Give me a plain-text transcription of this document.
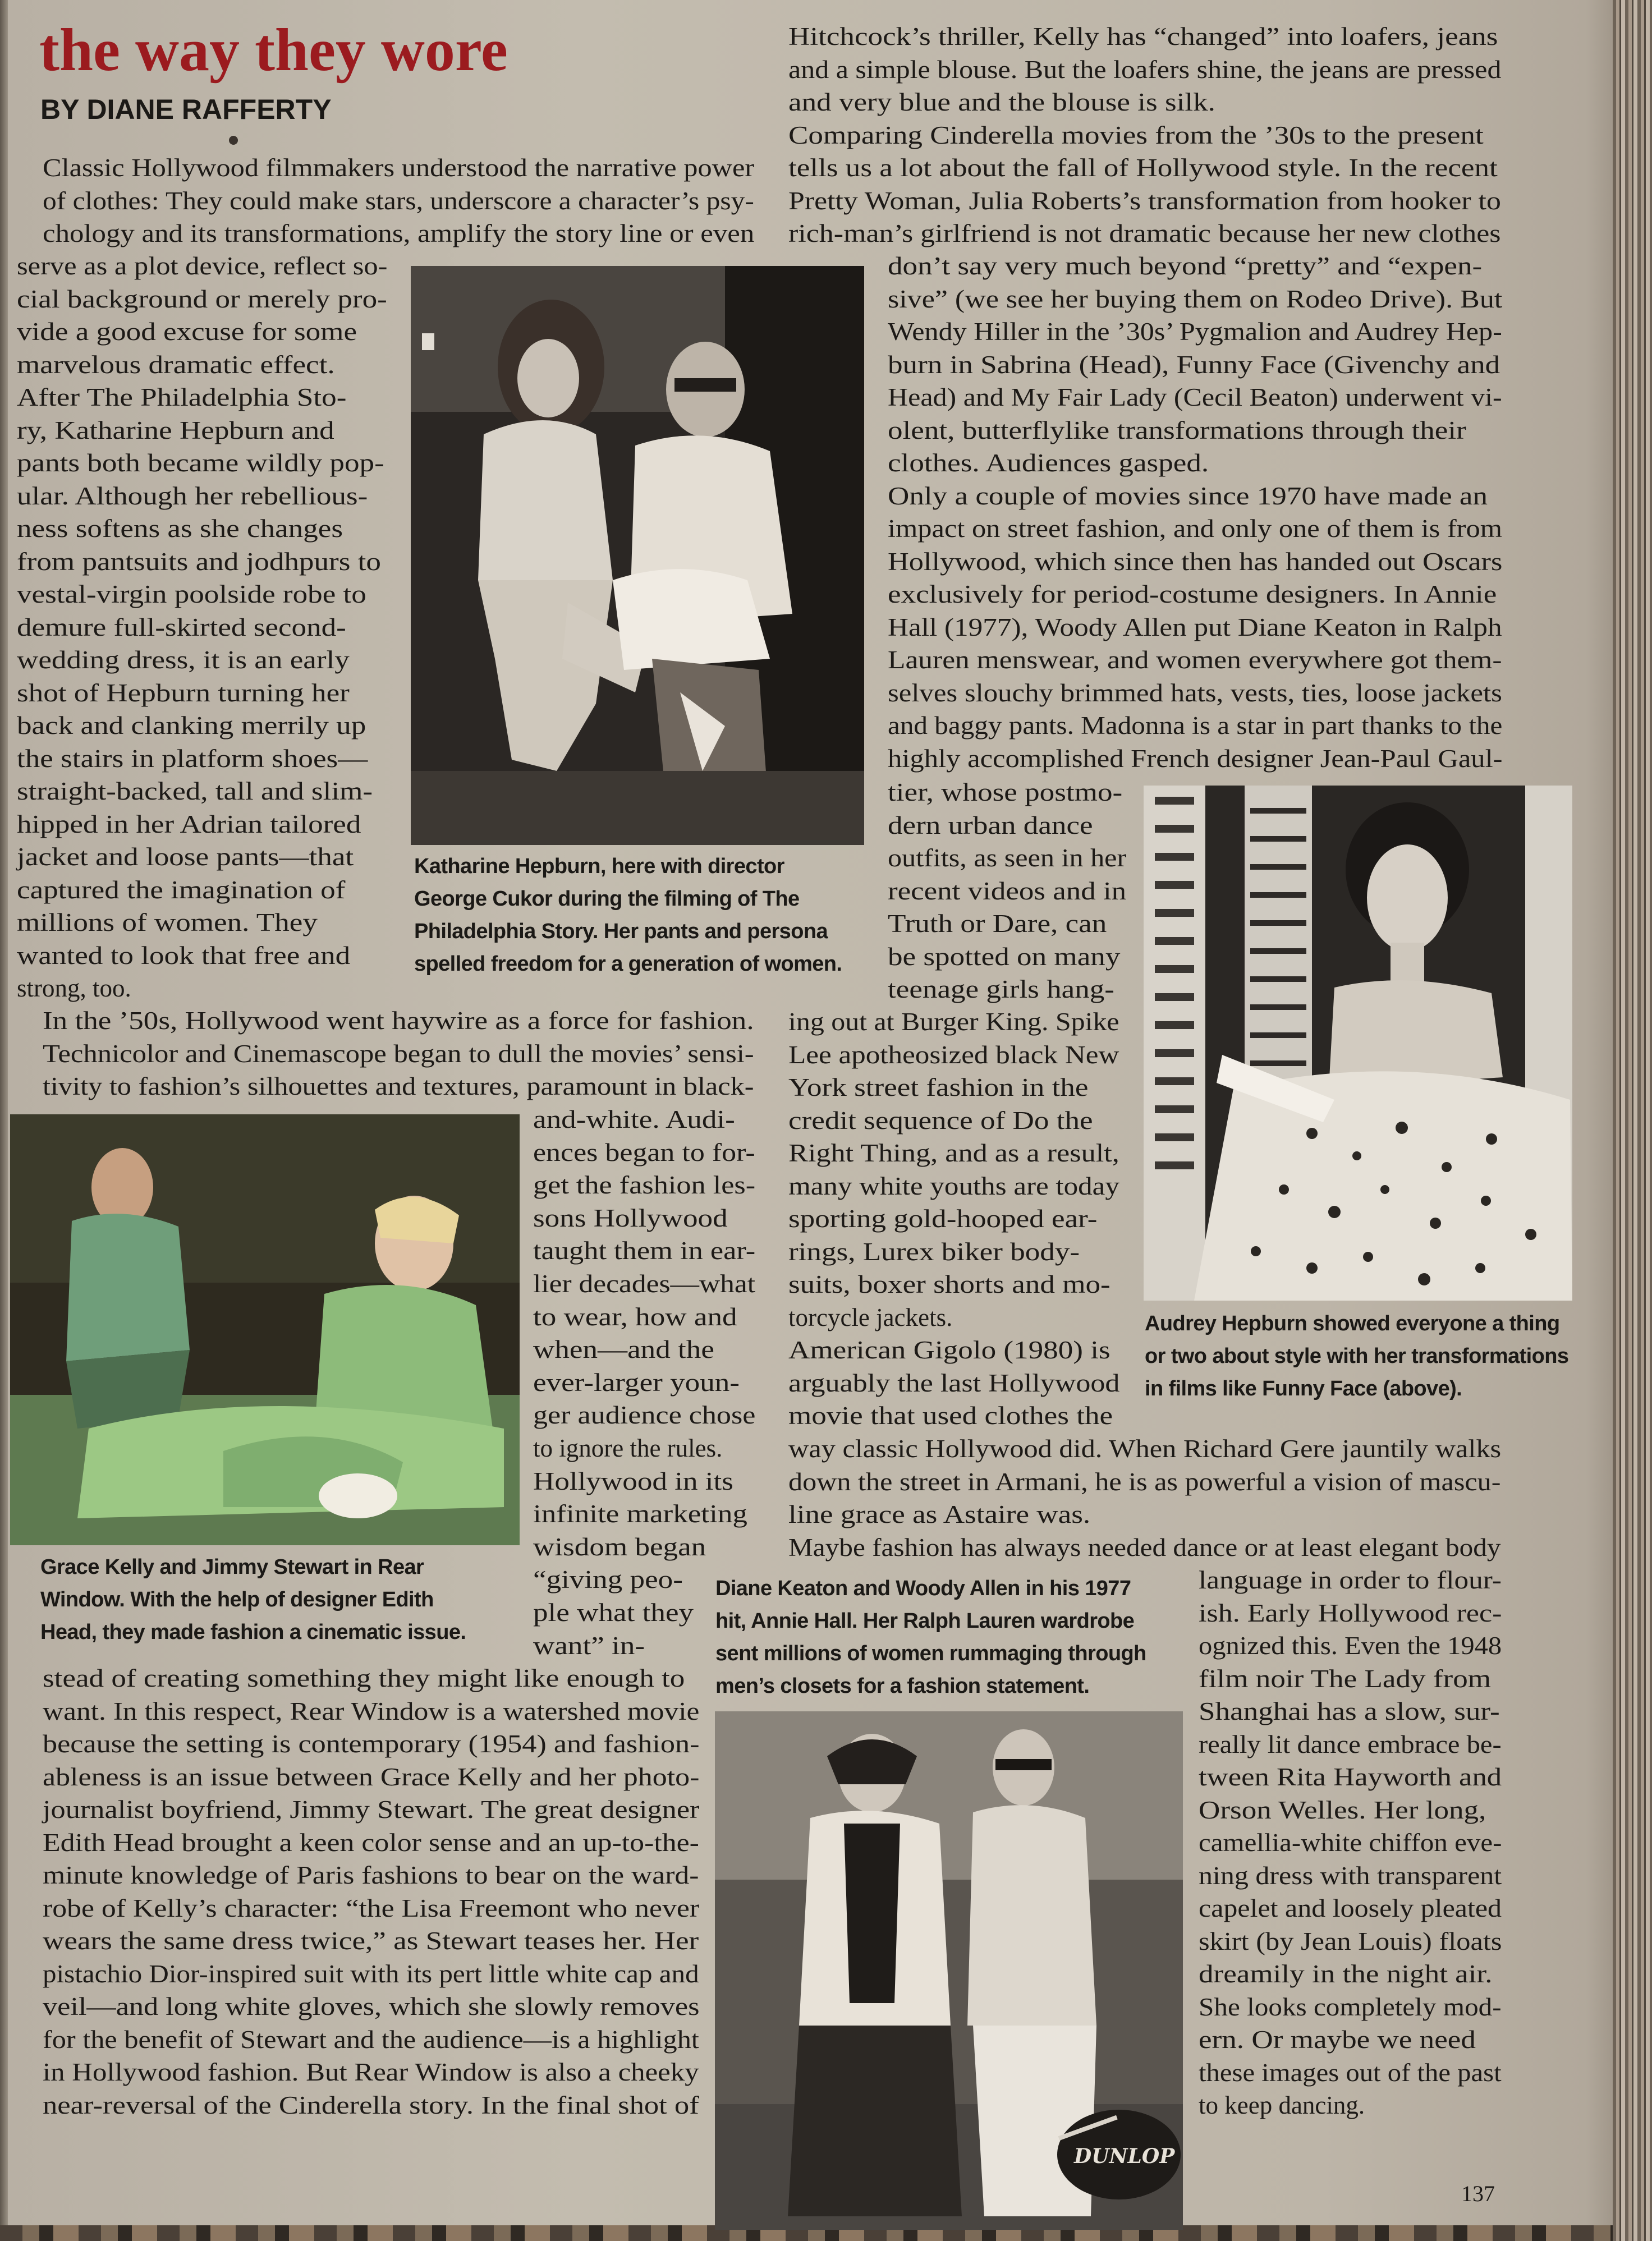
the way they wore
BY DIANE RAFFERTY
Katharine Hepburn, here with director
George Cukor during the filming of The
Philadelphia Story. Her pants and persona
spelled freedom for a generation of women.
Grace Kelly and Jimmy Stewart in Rear
Window. With the help of designer Edith
Head, they made fashion a cinematic issue.
Audrey Hepburn showed everyone a thing
or two about style with her transformations
in films like Funny Face (above).
Diane Keaton and Woody Allen in his 1977
hit, Annie Hall. Her Ralph Lauren wardrobe
sent millions of women rummaging through
men’s closets for a fashion statement.
DUNLOP
Classic Hollywood filmmakers understood the narrative power
of clothes: They could make stars, underscore a character’s psy-
chology and its transformations, amplify the story line or even
serve as a plot device, reflect so-
cial background or merely pro-
vide a good excuse for some
marvelous dramatic effect.
After The Philadelphia Sto-
ry, Katharine Hepburn and
pants both became wildly pop-
ular. Although her rebellious-
ness softens as she changes
from pantsuits and jodhpurs to
vestal-virgin poolside robe to
demure full-skirted second-
wedding dress, it is an early
shot of Hepburn turning her
back and clanking merrily up
the stairs in platform shoes—
straight-backed, tall and slim-
hipped in her Adrian tailored
jacket and loose pants—that
captured the imagination of
millions of women. They
wanted to look that free and
strong, too.
In the ’50s, Hollywood went haywire as a force for fashion.
Technicolor and Cinemascope began to dull the movies’ sensi-
tivity to fashion’s silhouettes and textures, paramount in black-
and-white. Audi-
ences began to for-
get the fashion les-
sons Hollywood
taught them in ear-
lier decades—what
to wear, how and
when—and the
ever-larger youn-
ger audience chose
to ignore the rules.
Hollywood in its
infinite marketing
wisdom began
“giving peo-
ple what they
want” in-
stead of creating something they might like enough to
want. In this respect, Rear Window is a watershed movie
because the setting is contemporary (1954) and fashion-
ableness is an issue between Grace Kelly and her photo-
journalist boyfriend, Jimmy Stewart. The great designer
Edith Head brought a keen color sense and an up-to-the-
minute knowledge of Paris fashions to bear on the ward-
robe of Kelly’s character: “the Lisa Freemont who never
wears the same dress twice,” as Stewart teases her. Her
pistachio Dior-inspired suit with its pert little white cap and
veil—and long white gloves, which she slowly removes
for the benefit of Stewart and the audience—is a highlight
in Hollywood fashion. But Rear Window is also a cheeky
near-reversal of the Cinderella story. In the final shot of
Hitchcock’s thriller, Kelly has “changed” into loafers, jeans
and a simple blouse. But the loafers shine, the jeans are pressed
and very blue and the blouse is silk.
Comparing Cinderella movies from the ’30s to the present
tells us a lot about the fall of Hollywood style. In the recent
Pretty Woman, Julia Roberts’s transformation from hooker to
rich-man’s girlfriend is not dramatic because her new clothes
don’t say very much beyond “pretty” and “expen-
sive” (we see her buying them on Rodeo Drive). But
Wendy Hiller in the ’30s’ Pygmalion and Audrey Hep-
burn in Sabrina (Head), Funny Face (Givenchy and
Head) and My Fair Lady (Cecil Beaton) underwent vi-
olent, butterflylike transformations through their
clothes. Audiences gasped.
Only a couple of movies since 1970 have made an
impact on street fashion, and only one of them is from
Hollywood, which since then has handed out Oscars
exclusively for period-costume designers. In Annie
Hall (1977), Woody Allen put Diane Keaton in Ralph
Lauren menswear, and women everywhere got them-
selves slouchy brimmed hats, vests, ties, loose jackets
and baggy pants. Madonna is a star in part thanks to the
highly accomplished French designer Jean-Paul Gaul-
tier, whose postmo-
dern urban dance
outfits, as seen in her
recent videos and in
Truth or Dare, can
be spotted on many
teenage girls hang-
ing out at Burger King. Spike
Lee apotheosized black New
York street fashion in the
credit sequence of Do the
Right Thing, and as a result,
many white youths are today
sporting gold-hooped ear-
rings, Lurex biker body-
suits, boxer shorts and mo-
torcycle jackets.
American Gigolo (1980) is
arguably the last Hollywood
movie that used clothes the
way classic Hollywood did. When Richard Gere jauntily walks
down the street in Armani, he is as powerful a vision of mascu-
line grace as Astaire was.
Maybe fashion has always needed dance or at least elegant body
language in order to flour-
ish. Early Hollywood rec-
ognized this. Even the 1948
film noir The Lady from
Shanghai has a slow, sur-
really lit dance embrace be-
tween Rita Hayworth and
Orson Welles. Her long,
camellia-white chiffon eve-
ning dress with transparent
capelet and loosely pleated
skirt (by Jean Louis) floats
dreamily in the night air.
She looks completely mod-
ern. Or maybe we need
these images out of the past
to keep dancing.
137
